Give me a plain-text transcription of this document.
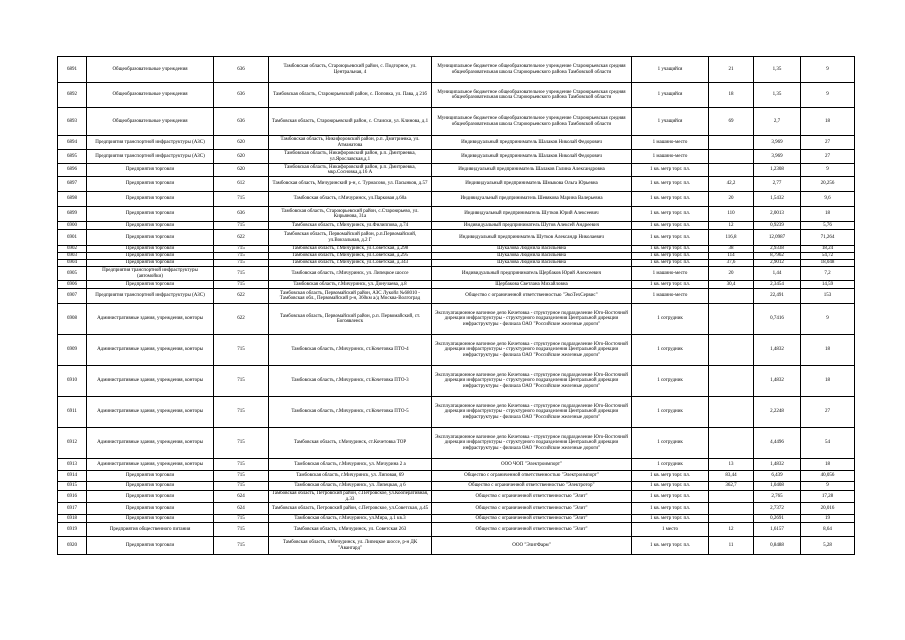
6891	Общеобразовательные учреждения	636	Тамбовская область, Староюрьевский район, с. Подгорное, ул. Центральная, 4	Муниципальное бюджетное общеобразовательное учреждение Староюрьевская средняя общеобразовательная школа Староюрьевского района Тамбовской области	1 учащийся	21	1,35	9
6892	Общеобразовательные учреждения	636	Тамбовская область, Староюрьевский район, с. Поповка, ул. Пава, д 21б	Муниципальное бюджетное общеобразовательное учреждение Староюрьевская средняя общеобразовательная школа Староюрьевского района Тамбовской области	1 учащийся	18	1,35	9
6893	Общеобразовательные учреждения	636	Тамбовская область, Староюрьевский район, с. Стаиски, ул. Клинова, д.1	Муниципальное бюджетное общеобразовательное учреждение Староюрьевская средняя общеобразовательная школа Староюрьевского района Тамбовской области	1 учащийся	69	2,7	18
6894	Предприятия транспортной инфраструктуры (АЗС)	620	Тамбовская область, Никифоровский район, р.п. Дмитриевка, ул. Атманатова	Индивидуальный предприниматель Шалаков Николай Федорович	1 машино-место		3,969	27
6895	Предприятия транспортной инфраструктуры (АЗС)	620	Тамбовская область, Никифоровский район, р.п. Дмитриевка, ул.Ярославская,д.1	Индивидуальный предприниматель Шалаков Николай Федорович	1 машино-место		3,969	27
6896	Предприятия торговли	620	Тамбовская область, Никифоровский район, р.п. Дмитриевка, мкр.Сосновка,д.16 А	Индивидуальный предприниматель Шалаков Галина Александровна	1 кв. метр торг. пл.		1,2308	9
6897	Предприятия торговли	612	Тамбовская область, Мичуринский р-н, с. Турмасово, ул. Пасынков, д.57	Индивидуальный предприниматель Шмыкова Ольга Юрьевна	1 кв. метр торг. пл.	42,2	2,77	20,256
6898	Предприятия торговли	715	Тамбовская область, г.Мичуринск, ул.Парковая д.60а	Индивидуальный предприниматель Шевякова Марина Валерьевна	1 кв. метр торг. пл.	20	1,5432	9,6
6899	Предприятия торговли	636	Тамбовская область, Староюрьевский район, с.Староюрьево, ул. Кирьянова, 31а	Индивидуальный предприниматель Шутков Юрий Алексеевич	1 кв. метр торг. пл.	110	2,0013	18
6900	Предприятия торговли	715	Тамбовская область, г.Мичуринск, ул.Филиппова, д.74	Индивидуальный предприниматель Шутов Алексей Андреевич	1 кв. метр торг. пл.	12	0,9239	5,76
6901	Предприятия торговли	622	Тамбовская область, Первомайский район, р.п.Первомайский, ул.Вокзальная, д.2 Г	Индивидуальный предприниматель Шутков Александр Николаевич	1 кв. метр торг. пл.	116,8	12,0987	71,264
6902	Предприятия торговли	715	Тамбовская область, г.Мичуринск, ул.Советская, д.298	Шукалова Людмила Васильевна	1 кв. метр торг. пл.	38	2,9338	18,24
6903	Предприятия торговли	715	Тамбовская область, г.Мичуринск, ул.Советская, д.295	Шукалова Людмила Васильевна	1 кв. метр торг. пл.	114	8,7962	54,72
6904	Предприятия торговли	715	Тамбовская область, г.Мичуринск, ул.Советская, д.343	Шукалова Людмила Васильевна	1 кв. метр торг. пл.	37,6	2,9012	18,048
6905	Предприятия транспортной инфраструктуры (автомойки)	715	Тамбовская область, г.Мичуринск, ул. Липецкое шоссе	Индивидуальный предприниматель Щербаков Юрий Алексеевич	1 машино-место	20	1,44	7,2
6906	Предприятия торговли	715	Тамбовская область, г.Мичуринск, ул. Донучаева, д.8	Щербакова Светлана Михайловна	1 кв. метр торг. пл.	30,4	2,3454	14,59
6907	Предприятия транспортной инфраструктуры (АЗС)	622	Тамбовская область, Первомайский район, АЗС Лукойл №68010 - Тамбовская обл., Первомайский р-н, 360км а/д Москва-Волгоград	Общество с ограниченной ответственностью "ЭкоТехСервис"	1 машино-место		22,491	153
6908	Административные здания, учреждения, конторы	622	Тамбовская область, Первомайский район, р.п. Первомайский, ст. Богоявленск	Эксплуатационное вагонное депо Кочетовка - структурное подразделение Юго-Восточной дирекции инфраструктуры - структурного подразделения Центральной дирекции инфраструктуры - филиала ОАО "Российские железные дороги"	1 сотрудник		0,7416	9
6909	Административные здания, учреждения, конторы	715	Тамбовская область, г.Мичуринск, ст.Кочетовка ПТО-4	Эксплуатационное вагонное депо Кочетовка - структурное подразделение Юго-Восточной дирекции инфраструктуры - структурного подразделения Центральной дирекции инфраструктуры - филиала ОАО "Российские железные дороги"	1 сотрудник		1,4832	18
6910	Административные здания, учреждения, конторы	715	Тамбовская область, г.Мичуринск, ст.Кочетовка ПТО-3	Эксплуатационное вагонное депо Кочетовка - структурное подразделение Юго-Восточной дирекции инфраструктуры - структурного подразделения Центральной дирекции инфраструктуры - филиала ОАО "Российские железные дороги"	1 сотрудник		1,4832	18
6911	Административные здания, учреждения, конторы	715	Тамбовская область, г.Мичуринск, ст.Кочетовка ПТО-5	Эксплуатационное вагонное депо Кочетовка - структурное подразделение Юго-Восточной дирекции инфраструктуры - структурного подразделения Центральной дирекции инфраструктуры - филиала ОАО "Российские железные дороги"	1 сотрудник		2,2248	27
6912	Административные здания, учреждения, конторы	715	Тамбовская область, г.Мичуринск, ст.Кочетовка ТОР	Эксплуатационное вагонное депо Кочетовка - структурное подразделение Юго-Восточной дирекции инфраструктуры - структурного подразделения Центральной дирекции инфраструктуры - филиала ОАО "Российские железные дороги"	1 сотрудник		4,4496	54
6913	Административные здания, учреждения, конторы	715	Тамбовская область, г.Мичуринск, ул. Мичурина 2 а	ООО ЧОП "Электроимпорт"	1 сотрудник	13	1,4832	18
6914	Предприятия торговли	715	Тамбовская область, г.Мичуринск, ул. Липовая, 69	Общество с ограниченной ответственностью "Электроимпорт"	1 кв. метр торг. пл.	83,44	6,439	40,056
6915	Предприятия торговли	715	Тамбовская область, г.Мичуринск, ул. Липецкая, д 6	Общество с ограниченной ответственностью "Электротор"	1 кв. метр торг. пл.	362,7	1,0408	9
6916	Предприятия торговли	624	Тамбовская область, Петровский район, с.Петровское, ул.Кооперативная, д.33	Общество с ограниченной ответственностью "Элит"	1 кв. метр торг. пл.		2,765	17,28
6917	Предприятия торговли	624	Тамбовская область, Петровский район, с.Петровское, ул.Советская, д.45	Общество с ограниченной ответственностью "Элит"	1 кв. метр торг. пл.		2,7372	20,016
6918	Предприятия торговли	715	Тамбовская область, г.Мичуринск, ул.Мира, д.1 кв.3	Общество с ограниченной ответственностью "Элит"	1 кв. метр торг. пл.		0,2691	19
6919	Предприятия общественного питания	715	Тамбовская область, г.Мичуринск, ул. Советская 263	Общество с ограниченной ответственностью "Элит"	1 место	12	1,6157	8,64
6920	Предприятия торговли	715	Тамбовская область, г.Мичуринск, ул. Липецкое шоссе, р-н ДК "Авангард"	ООО "ЭлитФарм"	1 кв. метр торг. пл.	11	0,8488	5,28
